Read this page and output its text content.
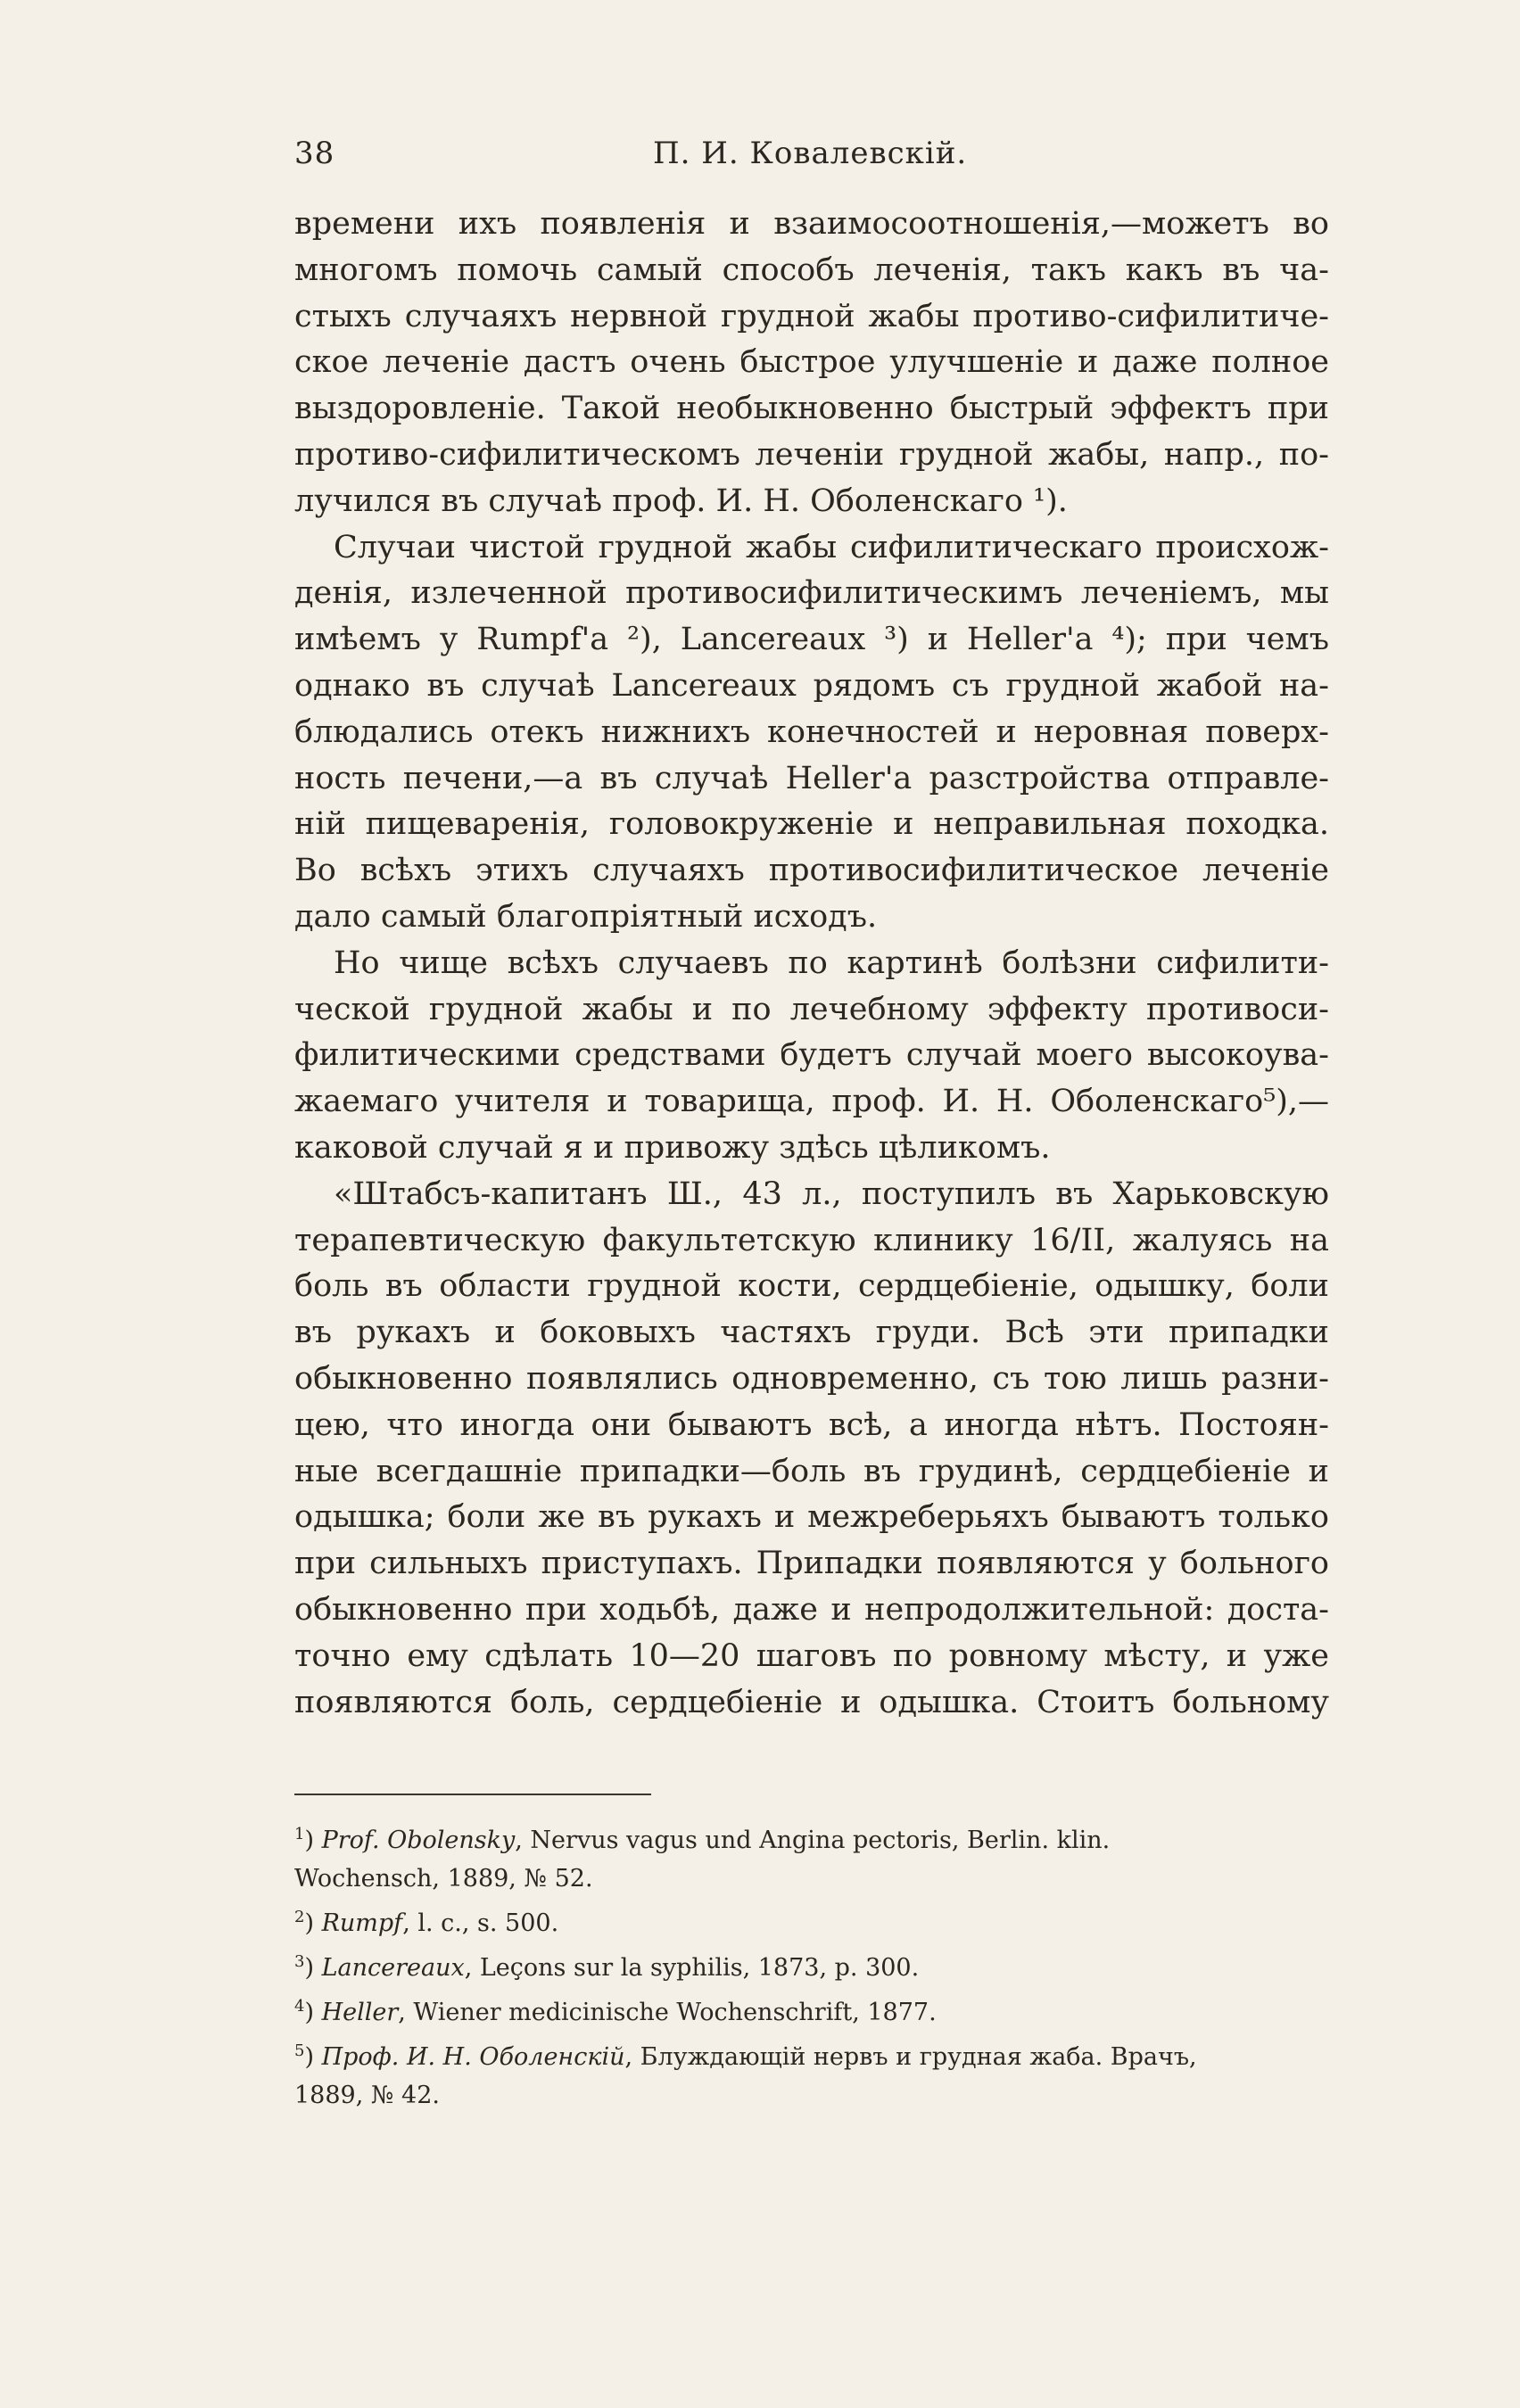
38	П. И. Ковалевскій.
времени ихъ появленія и взаимосоотношенія,—можетъ во
многомъ помочь самый способъ леченія, такъ какъ въ ча-
стыхъ случаяхъ нервной грудной жабы противо-сифилитиче-
ское леченіе дастъ очень быстрое улучшеніе и даже полное
выздоровленіе. Такой необыкновенно быстрый эффектъ при
противо-сифилитическомъ леченіи грудной жабы, напр., по-
лучился въ случаѣ проф. И. Н. Оболенскаго ¹).
Случаи чистой грудной жабы сифилитическаго происхож-
денія, излеченной противосифилитическимъ леченіемъ, мы
имѣемъ у Rumpf'a ²), Lancereaux ³) и Heller'a ⁴); при чемъ
однако въ случаѣ Lancereaux рядомъ съ грудной жабой на-
блюдались отекъ нижнихъ конечностей и неровная поверх-
ность печени,—а въ случаѣ Heller'a разстройства отправле-
ній пищеваренія, головокруженіе и неправильная походка.
Во всѣхъ этихъ случаяхъ противосифилитическое леченіе
дало самый благопріятный исходъ.
Но чище всѣхъ случаевъ по картинѣ болѣзни сифилити-
ческой грудной жабы и по лечебному эффекту противоси-
филитическими средствами будетъ случай моего высокоува-
жаемаго учителя и товарища, проф. И. Н. Оболенскаго⁵),—
каковой случай я и привожу здѣсь цѣликомъ.
«Штабсъ-капитанъ Ш., 43 л., поступилъ въ Харьковскую
терапевтическую факультетскую клинику 16/II, жалуясь на
боль въ области грудной кости, сердцебіеніе, одышку, боли
въ рукахъ и боковыхъ частяхъ груди. Всѣ эти припадки
обыкновенно появлялись одновременно, съ тою лишь разни-
цею, что иногда они бываютъ всѣ, а иногда нѣтъ. Постоян-
ные всегдашніе припадки—боль въ грудинѣ, сердцебіеніе и
одышка; боли же въ рукахъ и межреберьяхъ бываютъ только
при сильныхъ приступахъ. Припадки появляются у больного
обыкновенно при ходьбѣ, даже и непродолжительной: доста-
точно ему сдѣлать 10—20 шаговъ по ровному мѣсту, и уже
появляются боль, сердцебіеніе и одышка. Стоитъ больному
$^1$) Prof. Obolensky, Nervus vagus und Angina pectoris, Berlin. klin.
Wochensch, 1889, № 52.
$^2$) Rumpf, l. c., s. 500.
$^3$) Lancereaux, Leçons sur la syphilis, 1873, p. 300.
$^4$) Heller, Wiener medicinische Wochenschrift, 1877.
$^5$) Проф. И. Н. Оболенскій, Блуждающій нервъ и грудная жаба. Врачъ,
1889, № 42.
